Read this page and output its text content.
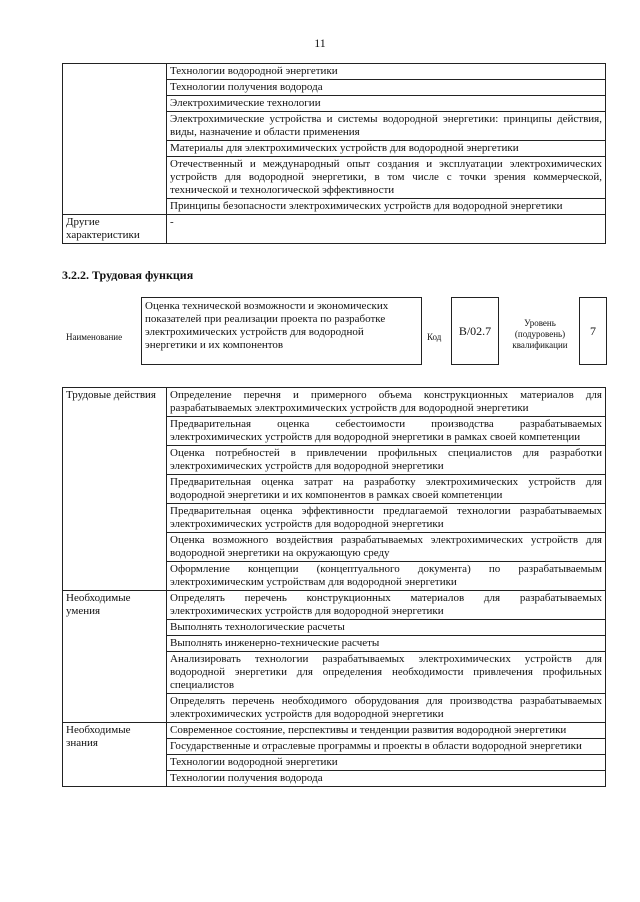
11
	Технологии водородной энергетики
	Технологии получения водорода
	Электрохимические технологии
	Электрохимические устройства и системы водородной энергетики: принципы действия, виды, назначение и области применения
	Материалы для электрохимических устройств для водородной энергетики
	Отечественный и международный опыт создания и эксплуатации электрохимических устройств для водородной энергетики, в том числе с точки зрения коммерческой, технической и технологической эффективности
	Принципы безопасности электрохимических устройств для водородной энергетики
Другие характеристики	-
3.2.2. Трудовая функция
Наименование
Оценка технической возможности и экономических показателей при реализации проекта по разработке электрохимических устройств для водородной энергетики и их компонентов
Код	B/02.7
Уровень (подуровень) квалификации
7
Трудовые действия	Определение перечня и примерного объема конструкционных материалов для разрабатываемых электрохимических устройств для водородной энергетики
	Предварительная оценка себестоимости производства разрабатываемых электрохимических устройств для водородной энергетики в рамках своей компетенции
	Оценка потребностей в привлечении профильных специалистов для разработки электрохимических устройств для водородной энергетики
	Предварительная оценка затрат на разработку электрохимических устройств для водородной энергетики и их компонентов в рамках своей компетенции
	Предварительная оценка эффективности предлагаемой технологии разрабатываемых электрохимических устройств для водородной энергетики
	Оценка возможного воздействия разрабатываемых электрохимических устройств для водородной энергетики на окружающую среду
	Оформление концепции (концептуального документа) по разрабатываемым электрохимическим устройствам для водородной энергетики
Необходимые умения	Определять перечень конструкционных материалов для разрабатываемых электрохимических устройств для водородной энергетики
	Выполнять технологические расчеты
	Выполнять инженерно-технические расчеты
	Анализировать технологии разрабатываемых электрохимических устройств для водородной энергетики для определения необходимости привлечения профильных специалистов
	Определять перечень необходимого оборудования для производства разрабатываемых электрохимических устройств для водородной энергетики
Необходимые знания	Современное состояние, перспективы и тенденции развития водородной энергетики
	Государственные и отраслевые программы и проекты в области водородной энергетики
	Технологии водородной энергетики
	Технологии получения водорода
